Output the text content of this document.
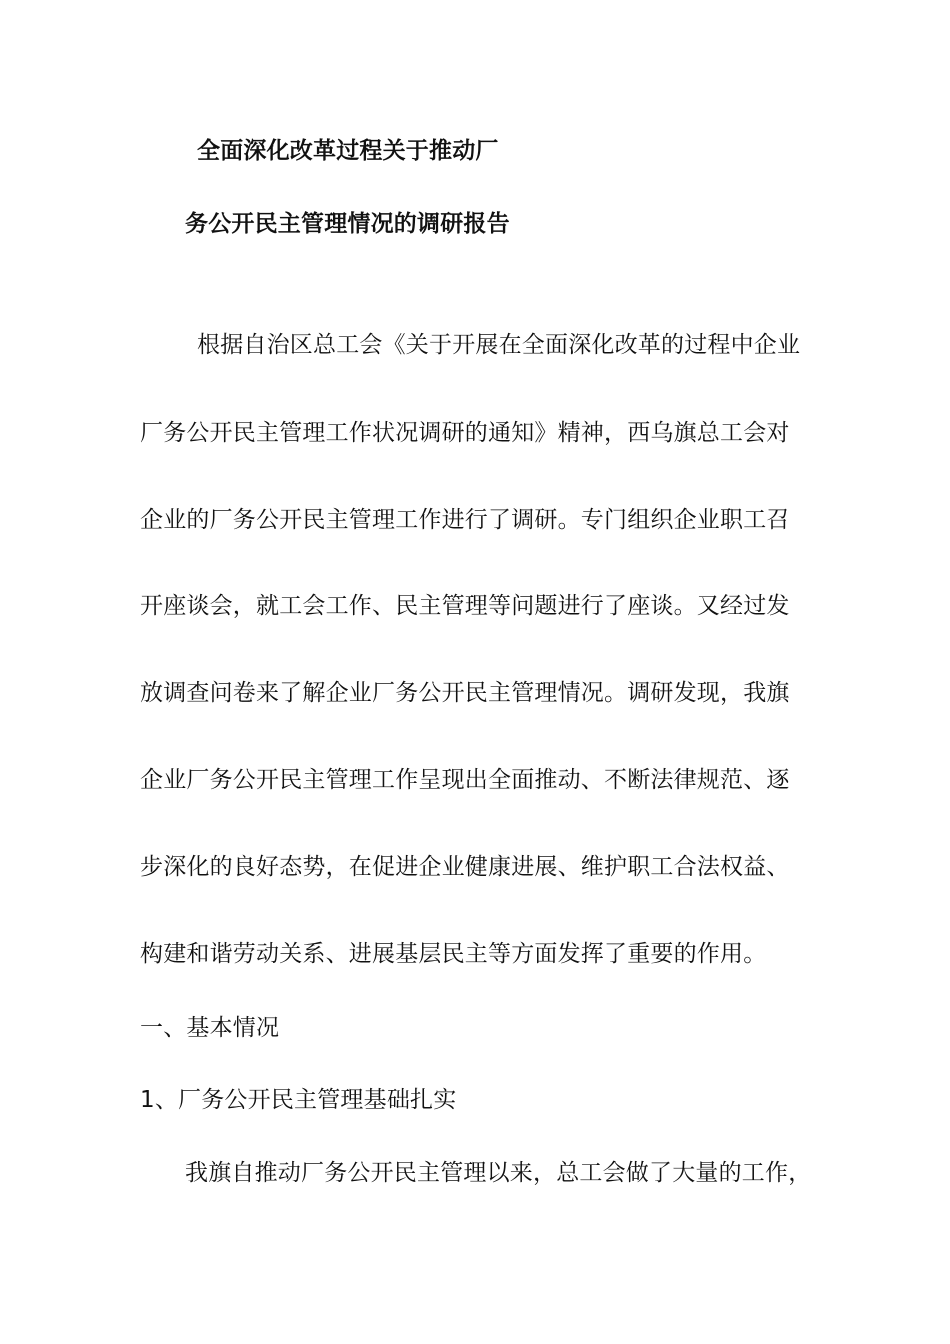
全面深化改革过程关于推动厂
务公开民主管理情况的调研报告
根据自治区总工会《关于开展在全面深化改革的过程中企业
厂务公开民主管理工作状况调研的通知》精神，西乌旗总工会对
企业的厂务公开民主管理工作进行了调研。专门组织企业职工召
开座谈会，就工会工作、民主管理等问题进行了座谈。又经过发
放调查问卷来了解企业厂务公开民主管理情况。调研发现，我旗
企业厂务公开民主管理工作呈现出全面推动、不断法律规范、逐
步深化的良好态势，在促进企业健康进展、维护职工合法权益、
构建和谐劳动关系、进展基层民主等方面发挥了重要的作用。
一、基本情况
1、厂务公开民主管理基础扎实
我旗自推动厂务公开民主管理以来，总工会做了大量的工作，
